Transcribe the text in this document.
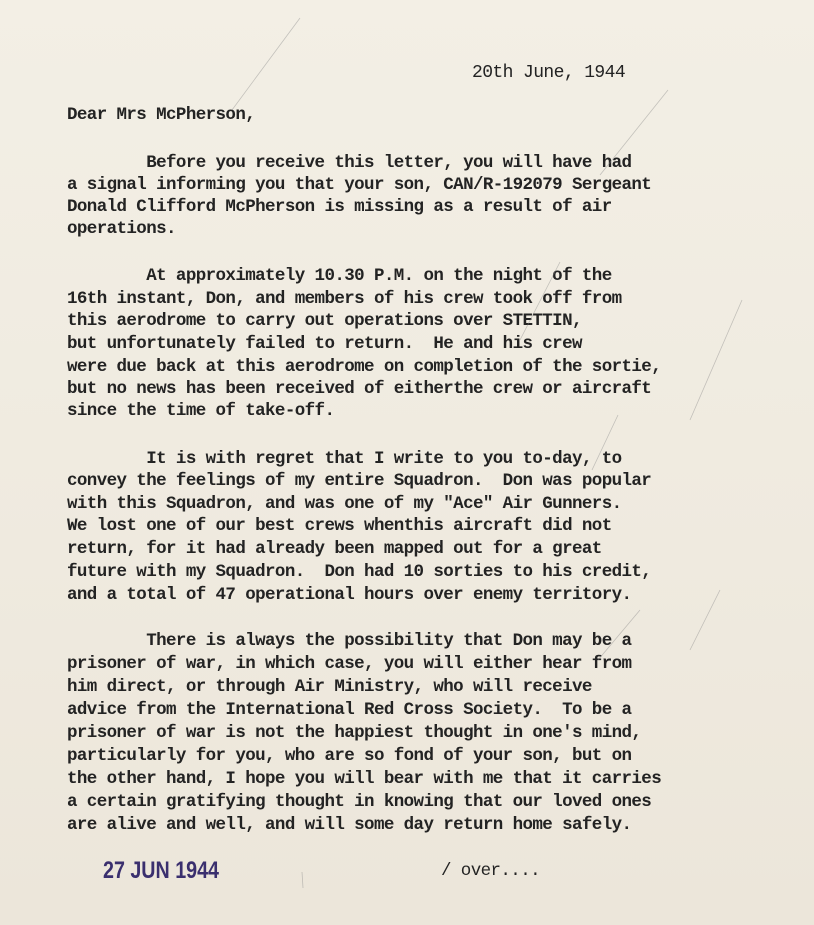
20th June, 1944
Dear Mrs McPherson,
Before you receive this letter, you will have had
a signal informing you that your son, CAN/R-192079 Sergeant
Donald Clifford McPherson is missing as a result of air
operations.
At approximately 10.30 P.M. on the night of the
16th instant, Don, and members of his crew took off from
this aerodrome to carry out operations over STETTIN,
but unfortunately failed to return.  He and his crew
were due back at this aerodrome on completion of the sortie,
but no news has been received of eitherthe crew or aircraft
since the time of take-off.
It is with regret that I write to you to-day, to
convey the feelings of my entire Squadron.  Don was popular
with this Squadron, and was one of my "Ace" Air Gunners.
We lost one of our best crews whenthis aircraft did not
return, for it had already been mapped out for a great
future with my Squadron.  Don had 10 sorties to his credit,
and a total of 47 operational hours over enemy territory.
There is always the possibility that Don may be a
prisoner of war, in which case, you will either hear from
him direct, or through Air Ministry, who will receive
advice from the International Red Cross Society.  To be a
prisoner of war is not the happiest thought in one's mind,
particularly for you, who are so fond of your son, but on
the other hand, I hope you will bear with me that it carries
a certain gratifying thought in knowing that our loved ones
are alive and well, and will some day return home safely.
27 JUN 1944	/ over....
